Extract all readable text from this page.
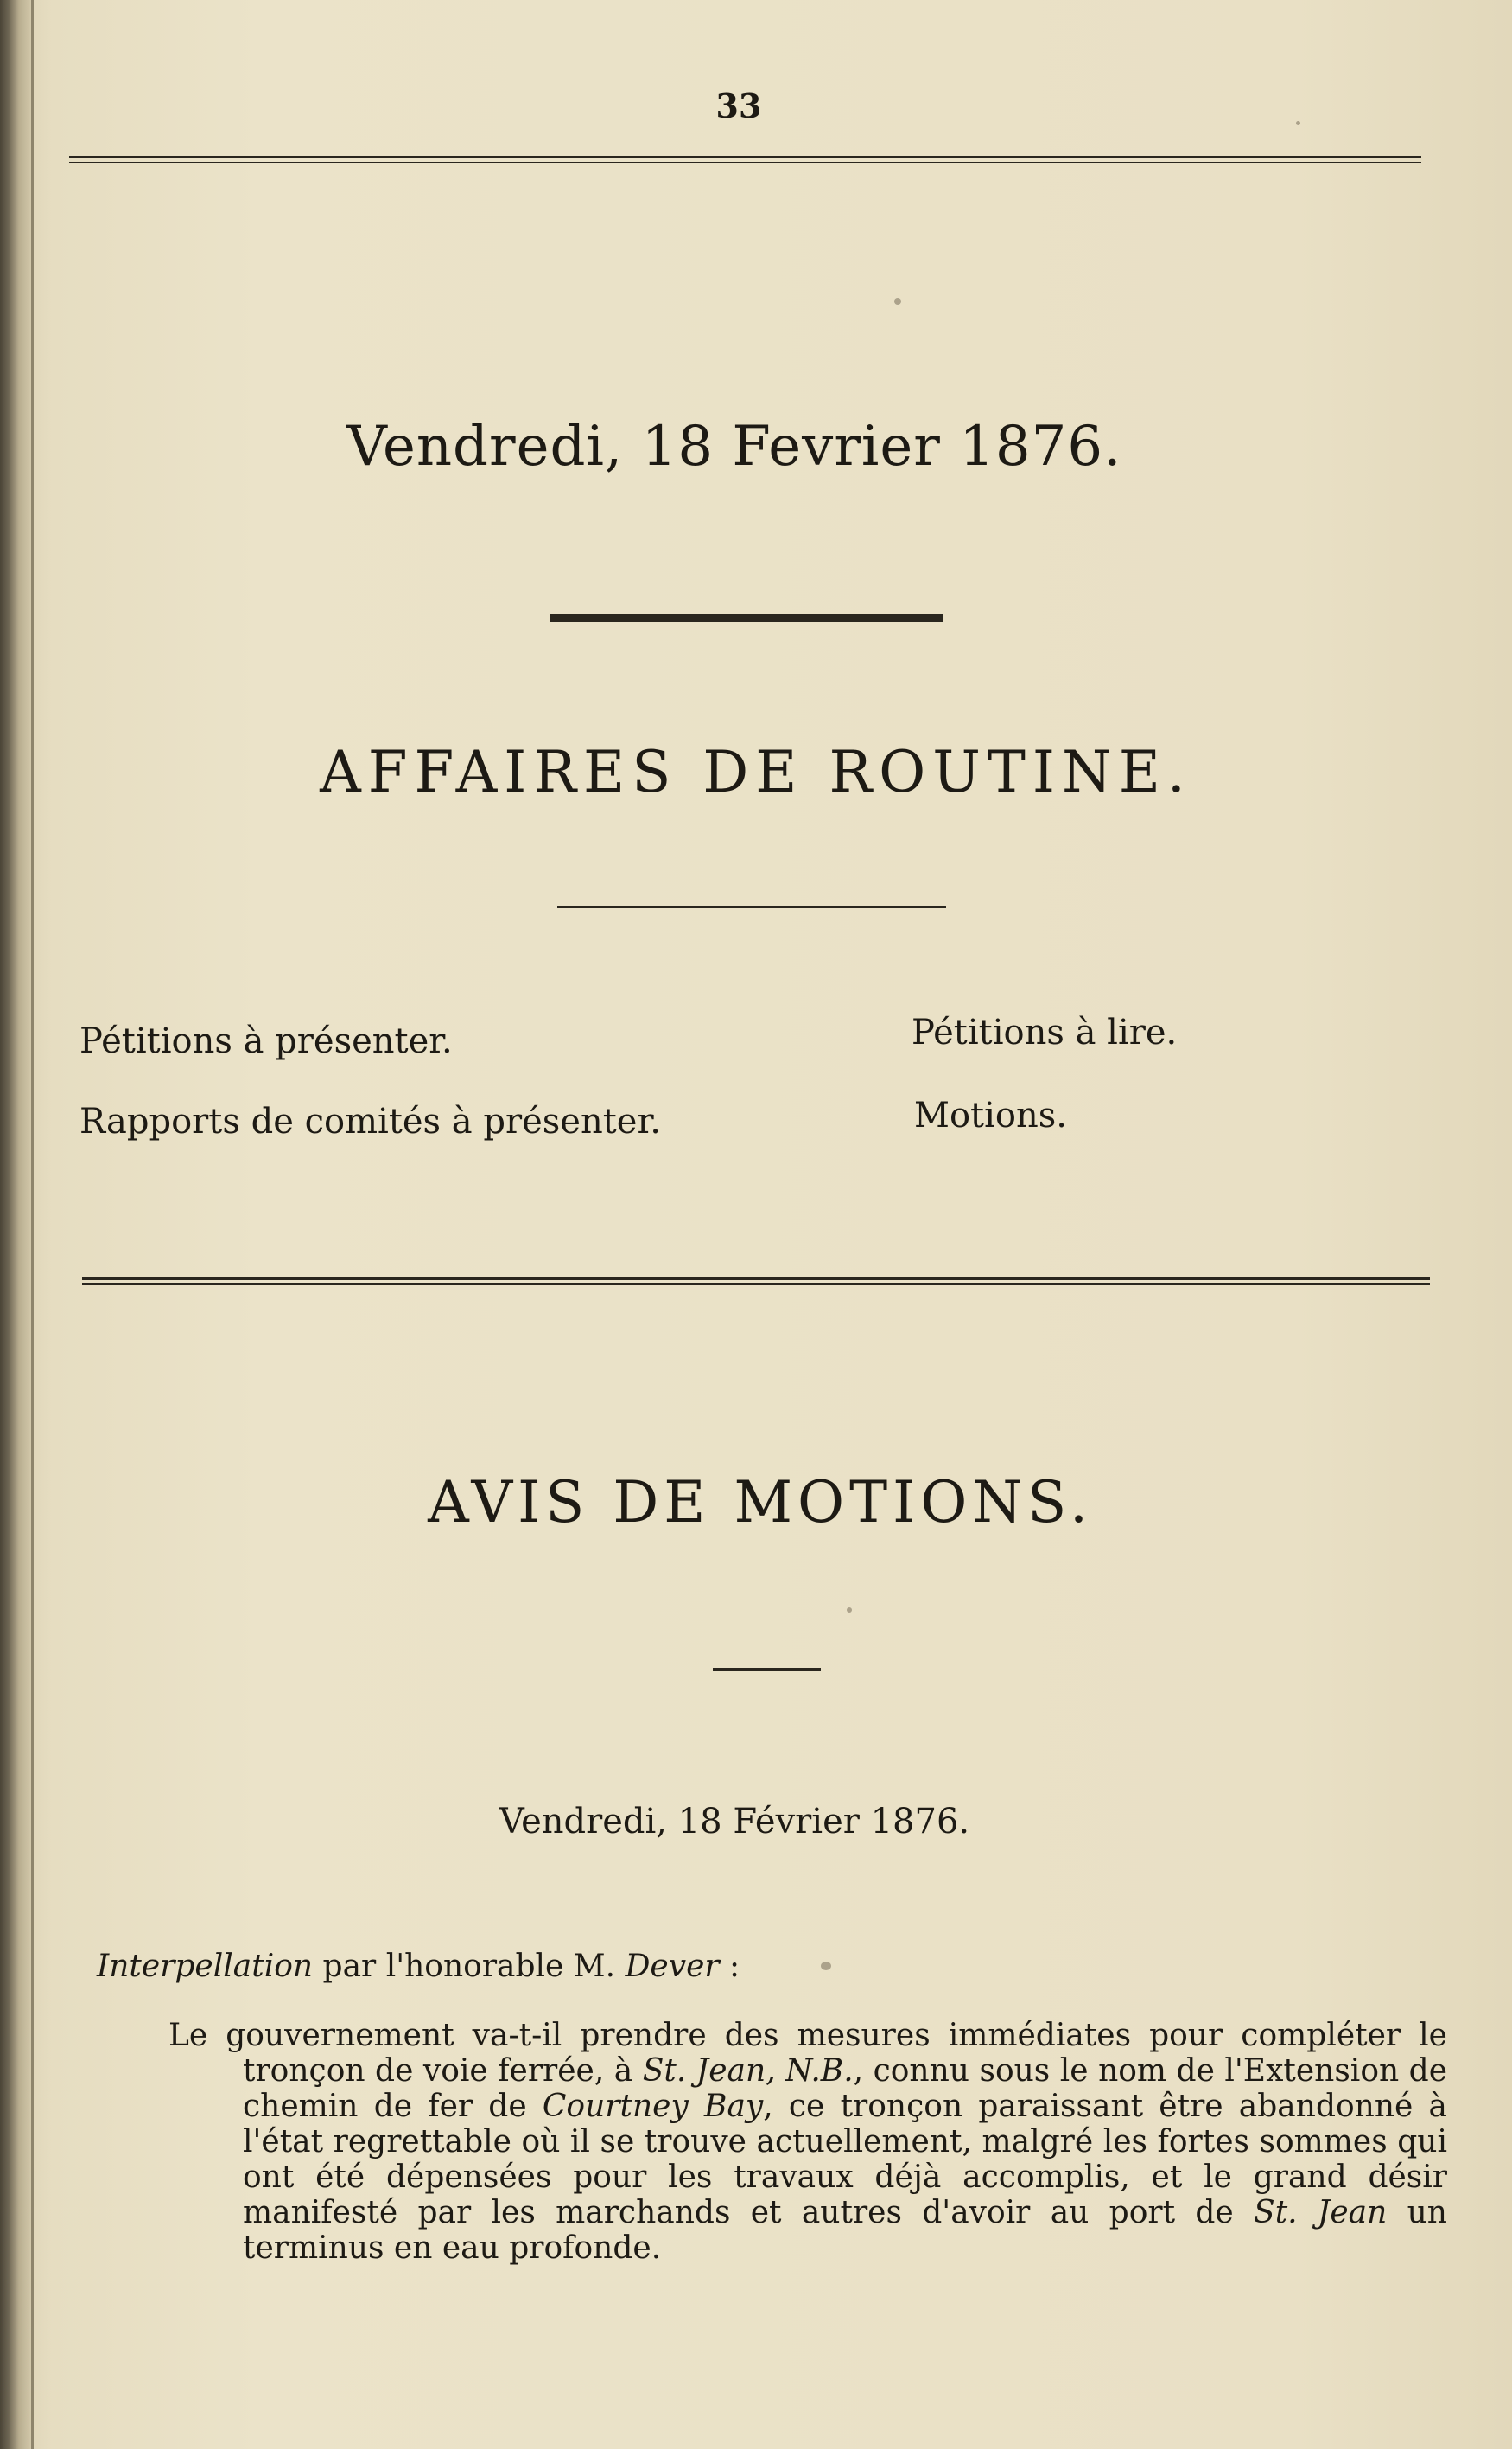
33
Vendredi, 18 Fevrier 1876.
AFFAIRES DE ROUTINE.
Pétitions à présenter.
Rapports de comités à présenter.
Pétitions à lire.
Motions.
AVIS DE MOTIONS.
Vendredi, 18 Février 1876.
Interpellation par l'honorable M. Dever :

Le gouvernement va-t-il prendre des mesures immédiates pour compléter le tronçon de voie ferrée, à St. Jean, N.B., connu sous le nom de l'Extension de chemin de fer de Courtney Bay, ce tronçon paraissant être abandonné à l'état regrettable où il se trouve actuellement, malgré les fortes sommes qui ont été dépensées pour les travaux déjà accomplis, et le grand désir manifesté par les marchands et autres d'avoir au port de St. Jean un terminus en eau profonde.
